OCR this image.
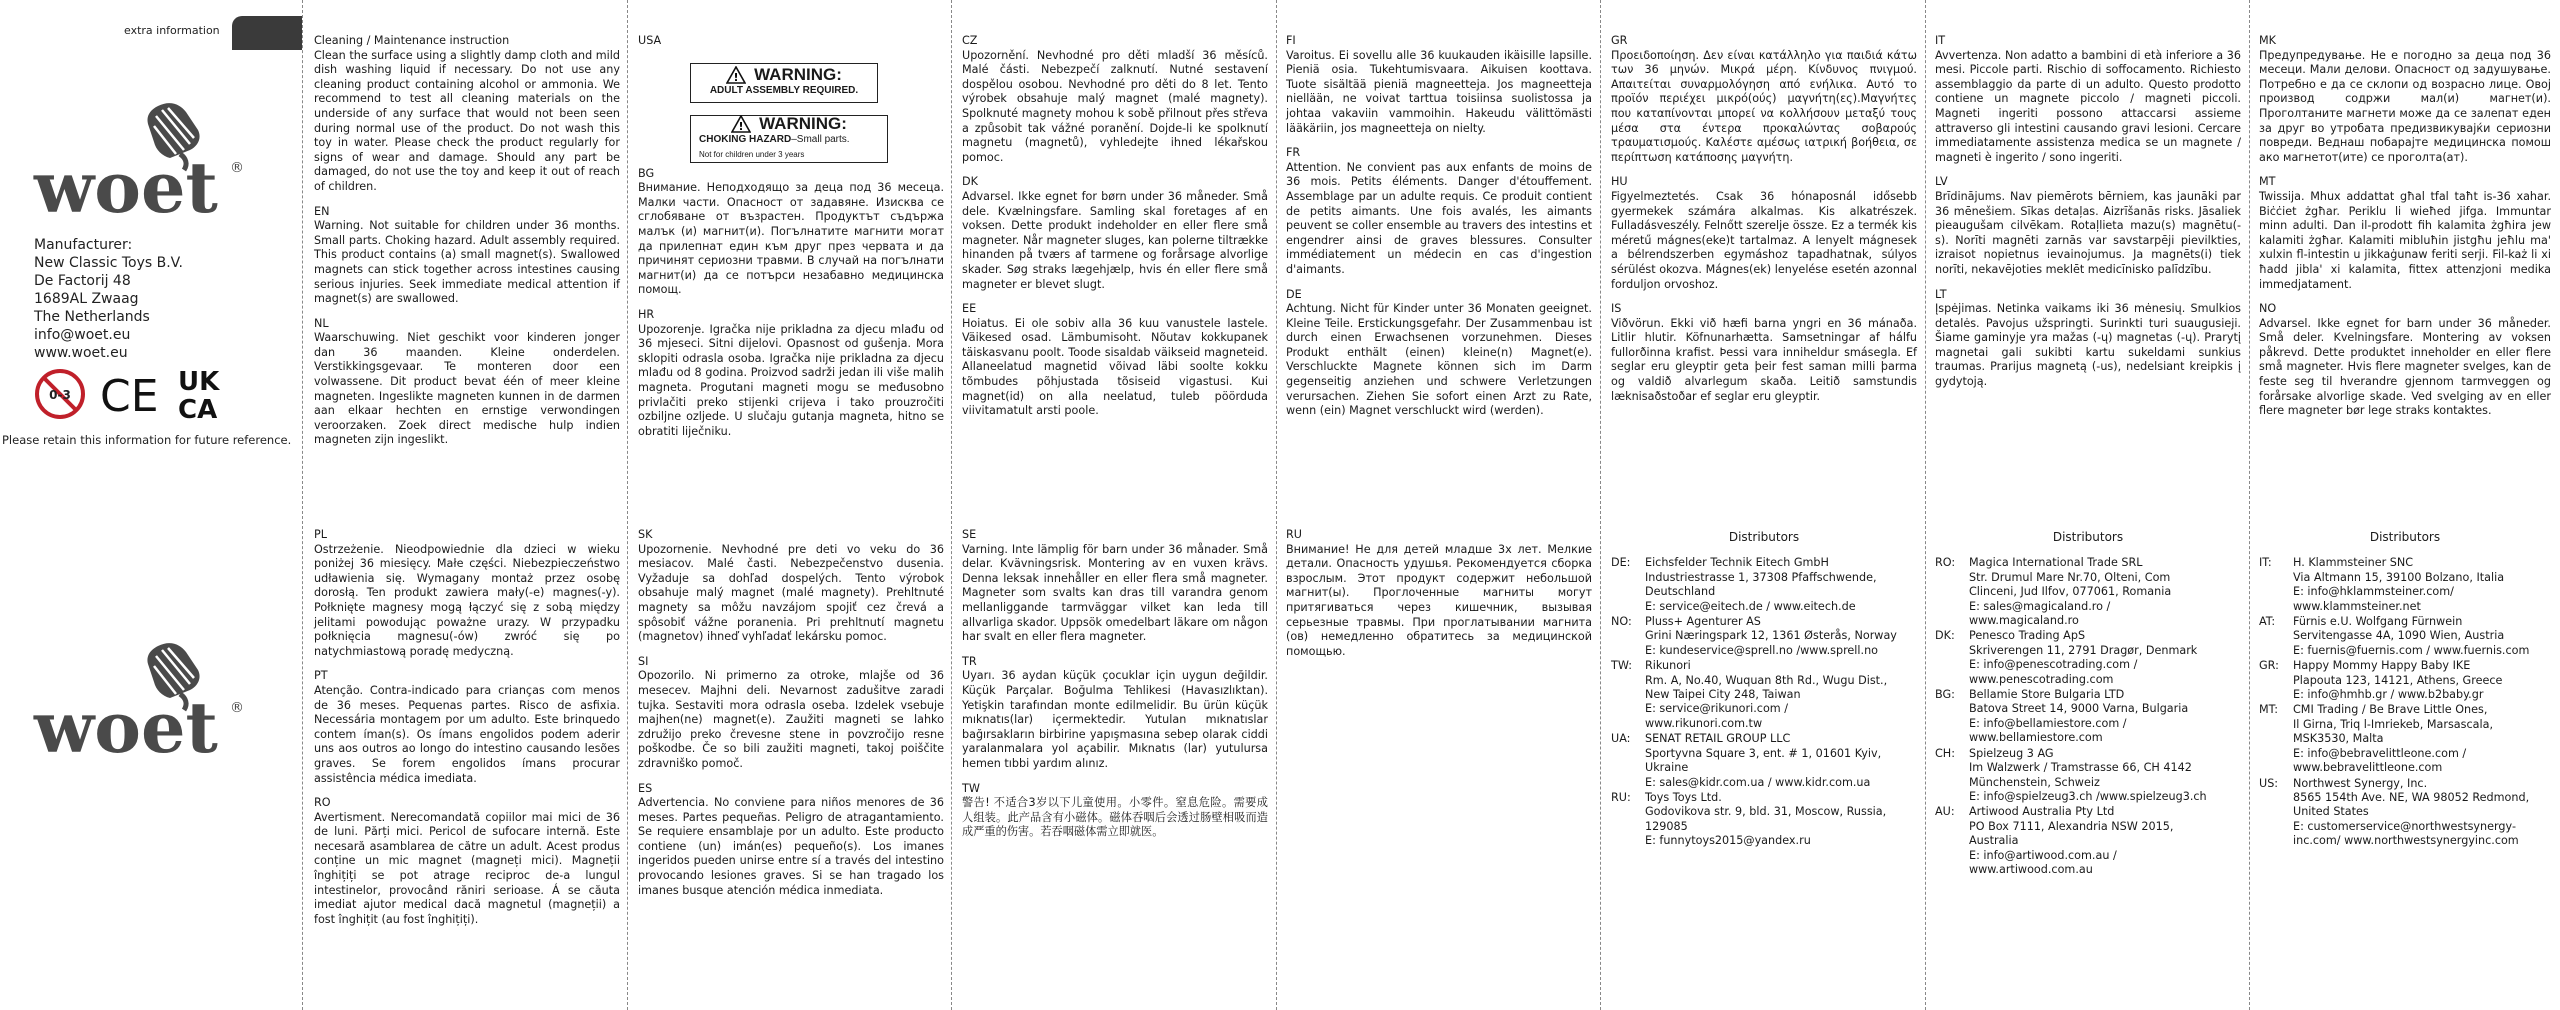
extra information
woet ®
Manufacturer:
New Classic Toys B.V.
De Factorij 48
1689AL Zwaag
The Netherlands
info@woet.eu
www.woet.eu
0-3 CE UK
CA
Please retain this information for future reference.
woet ®

Cleaning / Maintenance instruction
Clean the surface using a slightly damp cloth and mild dish washing liquid if necessary. Do not use any cleaning product containing alcohol or ammonia. We recommend to test all cleaning materials on the underside of any surface that would not been seen during normal use of the product. Do not wash this toy in water. Please check the product regularly for signs of wear and damage. Should any part be damaged, do not use the toy and keep it out of reach of children.

EN
Warning. Not suitable for children under 36 months. Small parts. Choking hazard. Adult assembly required. This product contains (a) small magnet(s). Swallowed magnets can stick together across intestines causing serious injuries. Seek immediate medical attention if magnet(s) are swallowed.

NL
Waarschuwing. Niet geschikt voor kinderen jonger dan 36 maanden. Kleine onderdelen. Verstikkingsgevaar. Te monteren door een volwassene. Dit product bevat één of meer kleine magneten. Ingeslikte magneten kunnen in de darmen aan elkaar hechten en ernstige verwondingen veroorzaken. Zoek direct medische hulp indien magneten zijn ingeslikt.

USA
! WARNING:
ADULT ASSEMBLY REQUIRED.
! WARNING:
CHOKING HAZARD–Small parts.
Not for children under 3 years

BG
Внимание. Неподходящо за деца под 36 месеца. Малки части. Опасност от задавяне. Изисква се сглобяване от възрастен. Продуктът съдържа малък (и) магнит(и). Погълнатите магнити могат да прилепнат един към друг през червата и да причинят сериозни травми. В случай на погълнати магнит(и) да се потърси незабавно медицинска помощ.

HR
Upozorenje. Igračka nije prikladna za djecu mlađu od 36 mjeseci. Sitni dijelovi. Opasnost od gušenja. Mora sklopiti odrasla osoba. Igračka nije prikladna za djecu mlađu od 8 godina. Proizvod sadrži jedan ili više malih magneta. Progutani magneti mogu se međusobno privlačiti preko stijenki crijeva i tako prouzročiti ozbiljne ozljede. U slučaju gutanja magneta, hitno se obratiti liječniku.

CZ
Upozornění. Nevhodné pro děti mladší 36 měsíců. Malé části. Nebezpečí zalknutí. Nutné sestavení dospělou osobou. Nevhodné pro děti do 8 let. Tento výrobek obsahuje malý magnet (malé magnety). Spolknuté magnety mohou k sobě přilnout přes střeva a způsobit tak vážné poranění. Dojde-li ke spolknutí magnetu (magnetů), vyhledejte ihned lékařskou pomoc.

DK
Advarsel. Ikke egnet for børn under 36 måneder. Små dele. Kvælningsfare. Samling skal foretages af en voksen. Dette produkt indeholder en eller flere små magneter. Når magneter sluges, kan polerne tiltrække hinanden på tværs af tarmene og forårsage alvorlige skader. Søg straks lægehjælp, hvis én eller flere små magneter er blevet slugt.

EE
Hoiatus. Ei ole sobiv alla 36 kuu vanustele lastele. Väikesed osad. Lämbumisoht. Nõutav kokkupanek täiskasvanu poolt. Toode sisaldab väikseid magneteid. Allaneelatud magnetid võivad läbi soolte kokku tõmbudes põhjustada tõsiseid vigastusi. Kui magnet(id) on alla neelatud, tuleb pöörduda viivitamatult arsti poole.

FI
Varoitus. Ei sovellu alle 36 kuukauden ikäisille lapsille. Pieniä osia. Tukehtumisvaara. Aikuisen koottava. Tuote sisältää pieniä magneetteja. Jos magneetteja niellään, ne voivat tarttua toisiinsa suolistossa ja johtaa vakaviin vammoihin. Hakeudu välittömästi lääkäriin, jos magneetteja on nielty.

FR
Attention. Ne convient pas aux enfants de moins de 36 mois. Petits éléments. Danger d'étouffement. Assemblage par un adulte requis. Ce produit contient de petits aimants. Une fois avalés, les aimants peuvent se coller ensemble au travers des intestins et engendrer ainsi de graves blessures. Consulter immédiatement un médecin en cas d'ingestion d'aimants.

DE
Achtung. Nicht für Kinder unter 36 Monaten geeignet. Kleine Teile. Erstickungsgefahr. Der Zusammenbau ist durch einen Erwachsenen vorzunehmen. Dieses Produkt enthält (einen) kleine(n) Magnet(e). Verschluckte Magnete können sich im Darm gegenseitig anziehen und schwere Verletzungen verursachen. Ziehen Sie sofort einen Arzt zu Rate, wenn (ein) Magnet verschluckt wird (werden).

GR
Προειδοποίηση. Δεν είναι κατάλληλο για παιδιά κάτω των 36 μηνών. Μικρά μέρη. Κίνδυνος πνιγμού. Απαιτείται συναρμολόγηση από ενήλικα. Αυτό το προϊόν περιέχει μικρό(ούς) μαγνήτη(ες).Μαγνήτες που καταπίνονται μπορεί να κολλήσουν μεταξύ τους μέσα στα έντερα προκαλώντας σοβαρούς τραυματισμούς. Καλέστε αμέσως ιατρική βοήθεια, σε περίπτωση κατάποσης μαγνήτη.

HU
Figyelmeztetés. Csak 36 hónaposnál idősebb gyermekek számára alkalmas. Kis alkatrészek. Fulladásveszély. Felnőtt szerelje össze. Ez a termék kis méretű mágnes(eke)t tartalmaz. A lenyelt mágnesek a bélrendszerben egymáshoz tapadhatnak, súlyos sérülést okozva. Mágnes(ek) lenyelése esetén azonnal forduljon orvoshoz.

IS
Viðvörun. Ekki við hæfi barna yngri en 36 mánaða. Litlir hlutir. Köfnunarhætta. Samsetningar af hálfu fullorðinna krafist. Þessi vara inniheldur smásegla. Ef seglar eru gleyptir geta þeir fest saman milli þarma og valdið alvarlegum skaða. Leitið samstundis læknisaðstoðar ef seglar eru gleyptir.

IT
Avvertenza. Non adatto a bambini di età inferiore a 36 mesi. Piccole parti. Rischio di soffocamento. Richiesto assemblaggio da parte di un adulto. Questo prodotto contiene un magnete piccolo / magneti piccoli. Magneti ingeriti possono attaccarsi assieme attraverso gli intestini causando gravi lesioni. Cercare immediatamente assistenza medica se un magnete / magneti è ingerito / sono ingeriti.

LV
Brīdinājums. Nav piemērots bērniem, kas jaunāki par 36 mēnešiem. Sīkas detaļas. Aizrīšanās risks. Jāsaliek pieaugušam cilvēkam. Rotaļlieta mazu(s) magnētu(-s). Norīti magnēti zarnās var savstarpēji pievilkties, izraisot nopietnus ievainojumus. Ja magnēts(i) tiek norīti, nekavējoties meklēt medicīnisko palīdzību.

LT
Įspėjimas. Netinka vaikams iki 36 mėnesių. Smulkios detalės. Pavojus užspringti. Surinkti turi suaugusieji. Šiame gaminyje yra mažas (-ų) magnetas (-ų). Prarytį magnetai gali sukibti kartu sukeldami sunkius traumas. Prarijus magnetą (-us), nedelsiant kreipkis į gydytoją.

MK
Предупредување. Не е погодно за деца под 36 месеци. Мали делови. Опасност од задушување. Потребно е да се склопи од возрасно лице. Овој производ содржи мал(и) магнет(и). Проголтаните магнети може да се залепат еден за друг во утробата предизвикувајќи сериозни повреди. Веднаш побарајте медицинска помош ако магнетот(ите) се проголта(ат).

MT
Twissija. Mhux addattat għal tfal taħt is-36 xahar. Biċċiet żgħar. Periklu li wieħed jifga. Immuntar minn adulti. Dan il-prodott fih kalamita żgħira jew kalamiti żgħar. Kalamiti mibluħin jistgħu jeħlu ma' xulxin fl-intestin u jikkaġunaw feriti serji. Fil-każ li xi ħadd jibla' xi kalamita, fittex attenzjoni medika immedjatament.

NO
Advarsel. Ikke egnet for barn under 36 måneder. Små deler. Kvelningsfare. Montering av voksen påkrevd. Dette produktet inneholder en eller flere små magneter. Hvis flere magneter svelges, kan de feste seg til hverandre gjennom tarmveggen og forårsake alvorlige skade. Ved svelging av en eller flere magneter bør lege straks kontaktes.

PL
Ostrzeżenie. Nieodpowiednie dla dzieci w wieku poniżej 36 miesięcy. Małe części. Niebezpieczeństwo udławienia się. Wymagany montaż przez osobę dorosłą. Ten produkt zawiera mały(-e) magnes(-y). Połknięte magnesy mogą łączyć się z sobą między jelitami powodując poważne urazy. W przypadku połknięcia magnesu(-ów) zwróć się po natychmiastową poradę medyczną.

PT
Atenção. Contra-indicado para crianças com menos de 36 meses. Pequenas partes. Risco de asfixia. Necessária montagem por um adulto. Este brinquedo contem íman(s). Os ímans engolidos podem aderir uns aos outros ao longo do intestino causando lesões graves. Se forem engolidos ímans procurar assistência médica imediata.

RO
Avertisment. Nerecomandată copiilor mai mici de 36 de luni. Părți mici. Pericol de sufocare internă. Este necesară asamblarea de către un adult. Acest produs conține un mic magnet (magneți mici). Magneții înghițiți se pot atrage reciproc de-a lungul intestinelor, provocând răniri serioase. Á se căuta imediat ajutor medical dacă magnetul (magneții) a fost înghițit (au fost înghițiți).

SK
Upozornenie. Nevhodné pre deti vo veku do 36 mesiacov. Malé časti. Nebezpečenstvo dusenia. Vyžaduje sa dohľad dospelých. Tento výrobok obsahuje malý magnet (malé magnety). Prehltnuté magnety sa môžu navzájom spojiť cez črevá a spôsobiť vážne poranenia. Pri prehltnutí magnetu (magnetov) ihneď vyhľadať lekársku pomoc.

SI
Opozorilo. Ni primerno za otroke, mlajše od 36 mesecev. Majhni deli. Nevarnost zadušitve zaradi tujka. Sestaviti mora odrasla oseba. Izdelek vsebuje majhen(ne) magnet(e). Zaužiti magneti se lahko združijo preko črevesne stene in povzročijo resne poškodbe. Če so bili zaužiti magneti, takoj poiščite zdravniško pomoč.

ES
Advertencia. No conviene para niños menores de 36 meses. Partes pequeñas. Peligro de atragantamiento. Se requiere ensamblaje por un adulto. Este producto contiene (un) imán(es) pequeño(s). Los imanes ingeridos pueden unirse entre sí a través del intestino provocando lesiones graves. Si se han tragado los imanes busque atención médica inmediata.

SE
Varning. Inte lämplig för barn under 36 månader. Små delar. Kvävningsrisk. Montering av en vuxen krävs. Denna leksak innehåller en eller flera små magneter. Magneter som svalts kan dras till varandra genom mellanliggande tarmväggar vilket kan leda till allvarliga skador. Uppsök omedelbart läkare om någon har svalt en eller flera magneter.

TR
Uyarı. 36 aydan küçük çocuklar için uygun değildir. Küçük Parçalar. Boğulma Tehlikesi (Havasızlıktan). Yetişkin tarafından monte edilmelidir. Bu ürün küçük mıknatıs(lar) içermektedir. Yutulan mıknatıslar bağırsakların birbirine yapışmasına sebep olarak ciddi yaralanmalara yol açabilir. Mıknatıs (lar) yutulursa hemen tıbbi yardım alınız.

TW
警告! 不适合3岁以下儿童使用。小零件。窒息危险。需要成人组装。此产品含有小磁体。磁体吞咽后会透过肠壁相吸而造成严重的伤害。若吞咽磁体需立即就医。

RU
Внимание! Не для детей младше 3х лет. Мелкие детали. Опасность удушья. Рекомендуется сборка взрослым. Этот продукт содержит небольшой магнит(ы). Проглоченные магниты могут притягиваться через кишечник, вызывая серьезные травмы. При проглатывании магнита (ов) немедленно обратитесь за медицинской помощью.

Distributors
DE:	Eichsfelder Technik Eitech GmbH
Industriestrasse 1, 37308 Pfaffschwende,
Deutschland
E: service@eitech.de / www.eitech.de
NO:	Pluss+ Agenturer AS
Grini Næringspark 12, 1361 Østerås, Norway
E: kundeservice@sprell.no /www.sprell.no
TW:	Rikunori
Rm. A, No.40, Wuquan 8th Rd., Wugu Dist.,
New Taipei City 248, Taiwan
E: service@rikunori.com /
www.rikunori.com.tw
UA:	SENAT RETAIL GROUP LLC
Sportyvna Square 3, ent. # 1, 01601 Kyiv,
Ukraine
E: sales@kidr.com.ua / www.kidr.com.ua
RU:	Toys Toys Ltd.
Godovikova str. 9, bld. 31, Moscow, Russia,
129085
E: funnytoys2015@yandex.ru
Distributors
RO:	Magica International Trade SRL
Str. Drumul Mare Nr.70, Olteni, Com
Clinceni, Jud Ilfov, 077061, Romania
E: sales@magicaland.ro /
www.magicaland.ro
DK:	Penesco Trading ApS
Skriverengen 11, 2791 Dragør, Denmark
E: info@penescotrading.com /
www.penescotrading.com
BG:	Bellamie Store Bulgaria LTD
Batova Street 14, 9000 Varna, Bulgaria
E: info@bellamiestore.com /
www.bellamiestore.com
CH:	Spielzeug 3 AG
Im Walzwerk / Tramstrasse 66, CH 4142
Münchenstein, Schweiz
E: info@spielzeug3.ch /www.spielzeug3.ch
AU:	Artiwood Australia Pty Ltd
PO Box 7111, Alexandria NSW 2015,
Australia
E: info@artiwood.com.au /
www.artiwood.com.au
Distributors
IT:	H. Klammsteiner SNC
Via Altmann 15, 39100 Bolzano, Italia
E: info@hklammsteiner.com/
www.klammsteiner.net
AT:	Fürnis e.U. Wolfgang Fürnwein
Servitengasse 4A, 1090 Wien, Austria
E: fuernis@fuernis.com / www.fuernis.com
GR:	Happy Mommy Happy Baby IKE
Plapouta 123, 14121, Athens, Greece
E: info@hmhb.gr / www.b2baby.gr
MT:	CMI Trading / Be Brave Little Ones,
Il Girna, Triq l-Imriekeb, Marsascala,
MSK3530, Malta
E: info@bebravelittleone.com /
www.bebravelittleone.com
US:	Northwest Synergy, Inc.
8565 154th Ave. NE, WA 98052 Redmond,
United States
E: customerservice@northwestsynergy-
inc.com/ www.northwestsynergyinc.com
